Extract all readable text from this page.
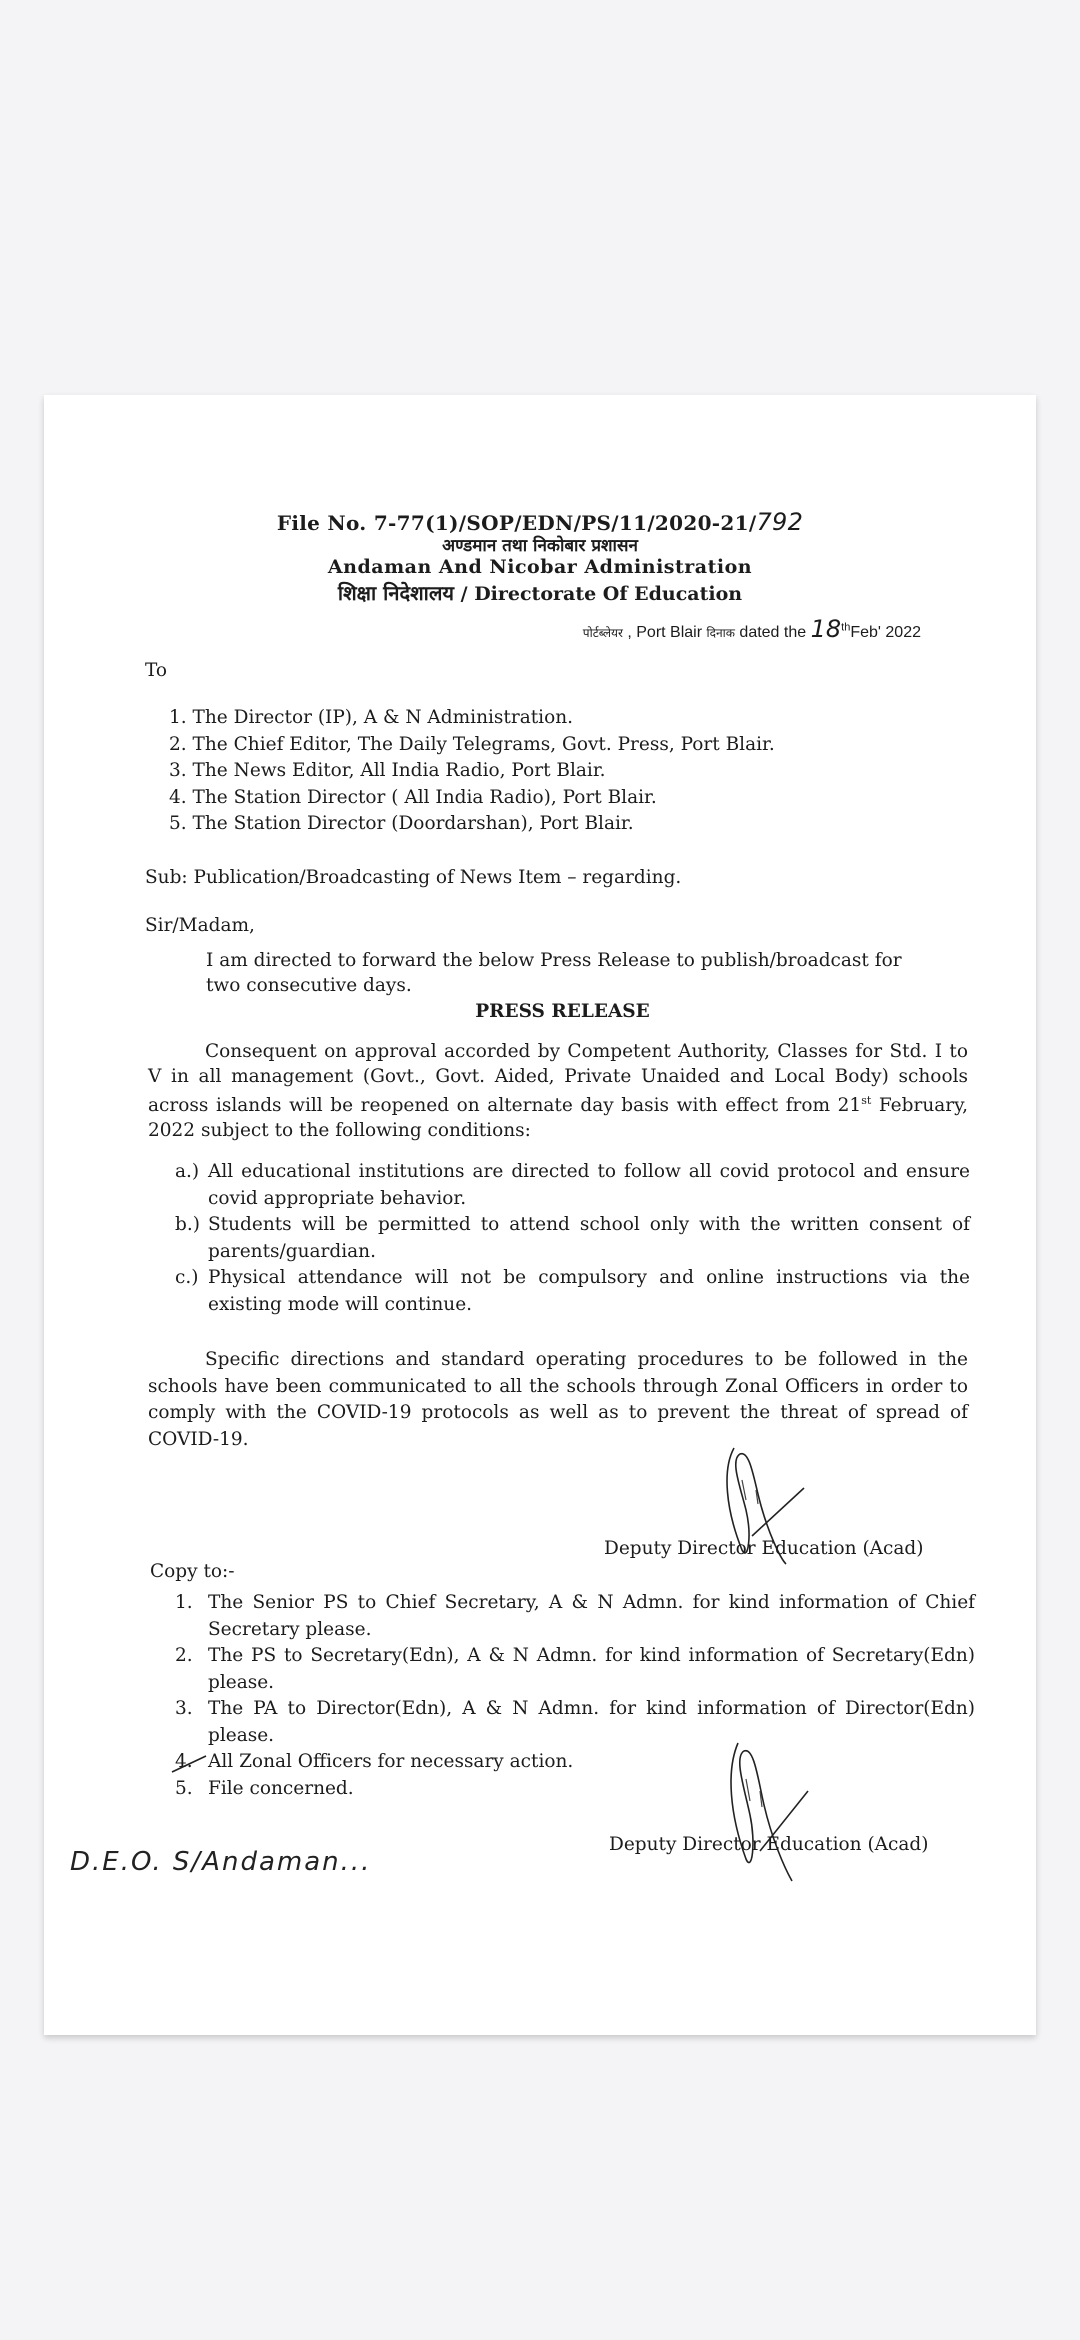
File No. 7-77(1)/SOP/EDN/PS/11/2020-21/792
अण्डमान तथा निकोबार प्रशासन
Andaman And Nicobar Administration
शिक्षा निदेशालय / Directorate Of Education
पोर्टब्लेयर , Port Blair दिनाक dated the 18thFeb' 2022
To
1. The Director (IP), A & N Administration.
2. The Chief Editor, The Daily Telegrams, Govt. Press, Port Blair.
3. The News Editor, All India Radio, Port Blair.
4. The Station Director ( All India Radio), Port Blair.
5. The Station Director (Doordarshan), Port Blair.
Sub: Publication/Broadcasting of News Item – regarding.
Sir/Madam,
I am directed to forward the below Press Release to publish/broadcast for
two consecutive days.
PRESS RELEASE
Consequent on approval accorded by Competent Authority, Classes for Std. I to V in all management (Govt., Govt. Aided, Private Unaided and Local Body) schools across islands will be reopened on alternate day basis with effect from 21st February, 2022 subject to the following conditions:
a.) All educational institutions are directed to follow all covid protocol and ensure covid appropriate behavior.
b.) Students will be permitted to attend school only with the written consent of parents/guardian.
c.) Physical attendance will not be compulsory and online instructions via the existing mode will continue.
Specific directions and standard operating procedures to be followed in the schools have been communicated to all the schools through Zonal Officers in order to comply with the COVID-19 protocols as well as to prevent the threat of spread of COVID-19.
Deputy Director Education (Acad)
Copy to:-
1. The Senior PS to Chief Secretary, A & N Admn. for kind information of Chief Secretary please.
2. The PS to Secretary(Edn), A & N Admn. for kind information of Secretary(Edn) please.
3. The PA to Director(Edn), A & N Admn. for kind information of Director(Edn) please.
4. All Zonal Officers for necessary action.
5. File concerned.
Deputy Director Education (Acad)
D.E.O. S/Andaman...
